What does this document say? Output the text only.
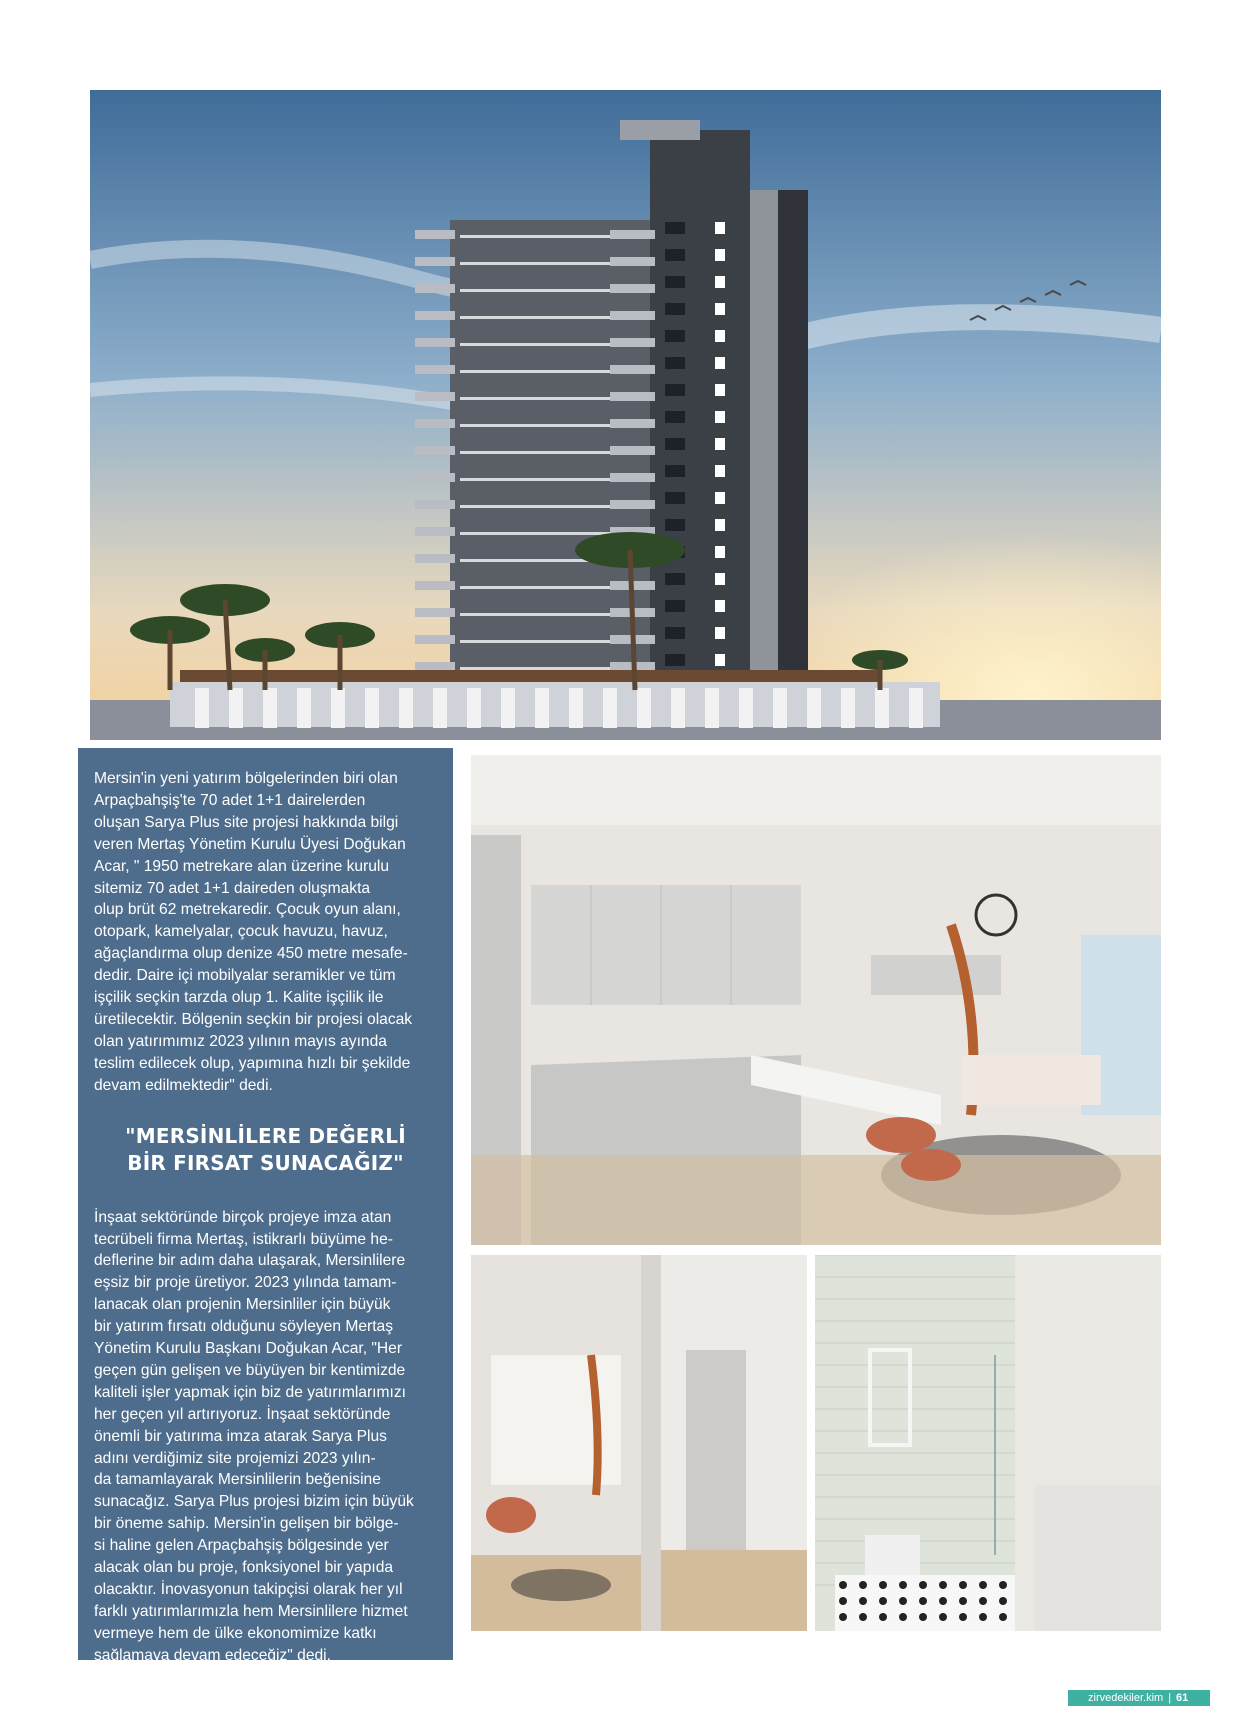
Mersin'in yeni yatırım bölgelerinden biri olan
Arpaçbahşiş'te 70 adet 1+1 dairelerden
oluşan Sarya Plus site projesi hakkında bilgi
veren Mertaş Yönetim Kurulu Üyesi Doğukan
Acar, " 1950 metrekare alan üzerine kurulu
sitemiz 70 adet 1+1 daireden oluşmakta
olup brüt 62 metrekaredir. Çocuk oyun alanı,
otopark, kamelyalar, çocuk havuzu, havuz,
ağaçlandırma olup denize 450 metre mesafe-
dedir. Daire içi mobilyalar seramikler ve tüm
işçilik seçkin tarzda olup 1. Kalite işçilik ile
üretilecektir. Bölgenin seçkin bir projesi olacak
olan yatırımımız 2023 yılının mayıs ayında
teslim edilecek olup, yapımına hızlı bir şekilde
devam edilmektedir" dedi.

"MERSİNLİLERE DEĞERLİ
BİR FIRSAT SUNACAĞIZ"

İnşaat sektöründe birçok projeye imza atan
tecrübeli firma Mertaş, istikrarlı büyüme he-
deflerine bir adım daha ulaşarak, Mersinlilere
eşsiz bir proje üretiyor. 2023 yılında tamam-
lanacak olan projenin Mersinliler için büyük
bir yatırım fırsatı olduğunu söyleyen Mertaş
Yönetim Kurulu Başkanı Doğukan Acar, "Her
geçen gün gelişen ve büyüyen bir kentimizde
kaliteli işler yapmak için biz de yatırımlarımızı
her geçen yıl artırıyoruz. İnşaat sektöründe
önemli bir yatırıma imza atarak Sarya Plus
adını verdiğimiz site projemizi 2023 yılın-
da tamamlayarak Mersinlilerin beğenisine
sunacağız. Sarya Plus projesi bizim için büyük
bir öneme sahip. Mersin'in gelişen bir bölge-
si haline gelen Arpaçbahşiş bölgesinde yer
alacak olan bu proje, fonksiyonel bir yapıda
olacaktır. İnovasyonun takipçisi olarak her yıl
farklı yatırımlarımızla hem Mersinlilere hizmet
vermeye hem de ülke ekonomimize katkı
sağlamaya devam edeceğiz" dedi.

zirvedekiler.kim | 61
